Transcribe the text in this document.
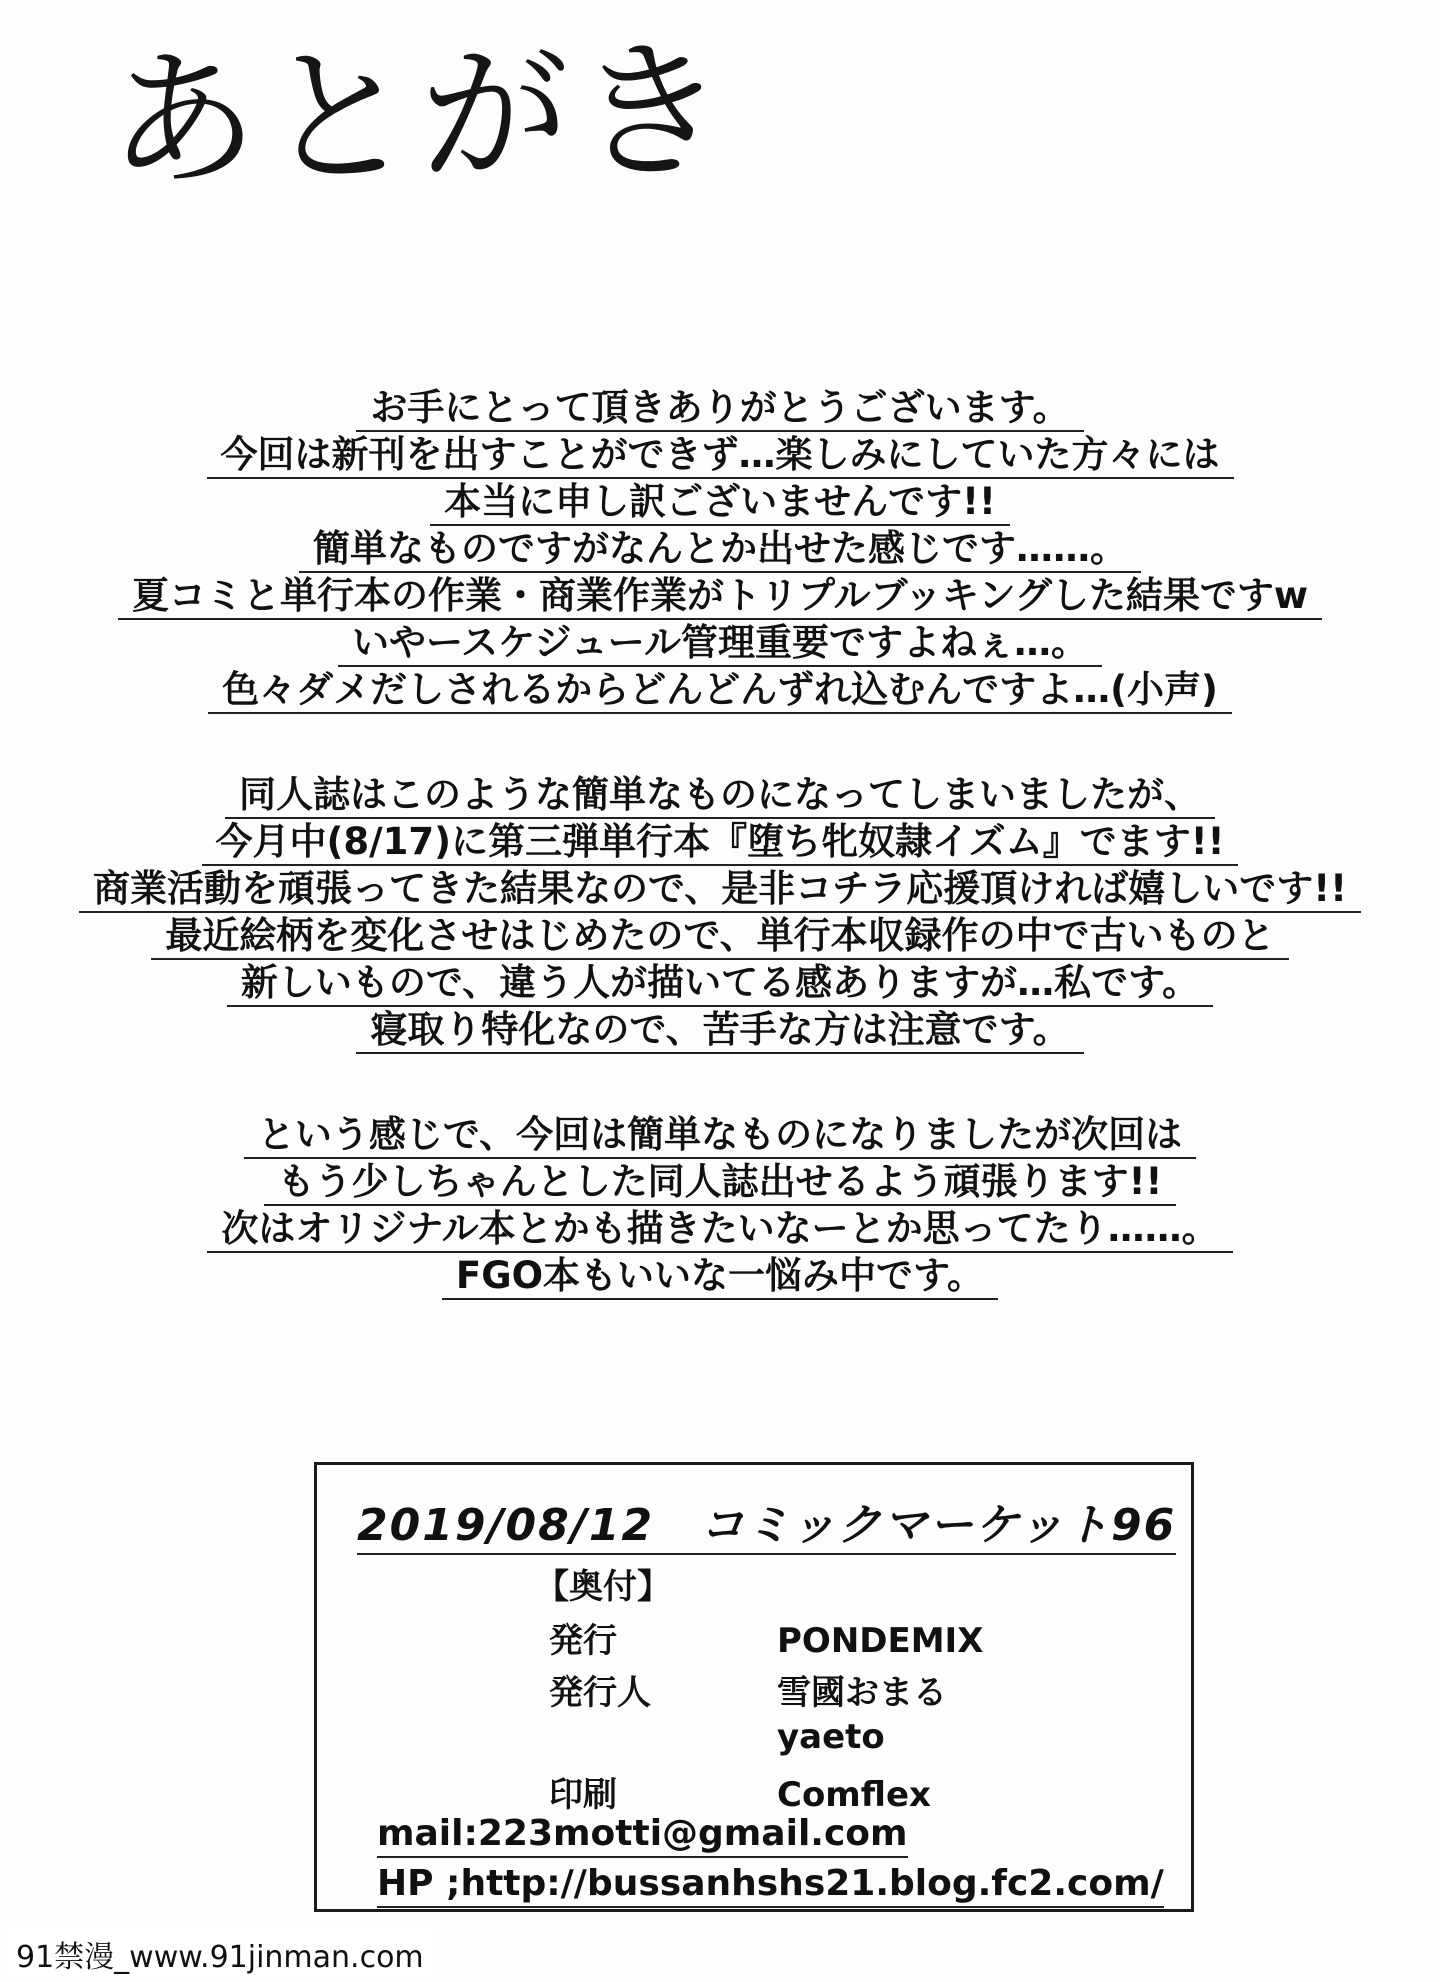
あとがき
お手にとって頂きありがとうございます。
今回は新刊を出すことができず…楽しみにしていた方々には
本当に申し訳ございませんです!!
簡単なものですがなんとか出せた感じです……。
夏コミと単行本の作業・商業作業がトリプルブッキングした結果ですw
いやースケジュール管理重要ですよねぇ…。
色々ダメだしされるからどんどんずれ込むんですよ…(小声)
同人誌はこのような簡単なものになってしまいましたが、
今月中(8/17)に第三弾単行本『堕ち牝奴隷イズム』でます!!
商業活動を頑張ってきた結果なので、是非コチラ応援頂ければ嬉しいです!!
最近絵柄を変化させはじめたので、単行本収録作の中で古いものと
新しいもので、違う人が描いてる感ありますが…私です。
寝取り特化なので、苦手な方は注意です。
という感じで、今回は簡単なものになりましたが次回は
もう少しちゃんとした同人誌出せるよう頑張ります!!
次はオリジナル本とかも描きたいなーとか思ってたり……。
FGO本もいいな一悩み中です。
2019/08/12　コミックマーケット96
【奥付】
発行	PONDEMIX
発行人	雪國おまる
yaeto
印刷	Comflex
mail:223motti@gmail.com
HP ;http://bussanhshs21.blog.fc2.com/
91禁漫_www.91jinman.com
